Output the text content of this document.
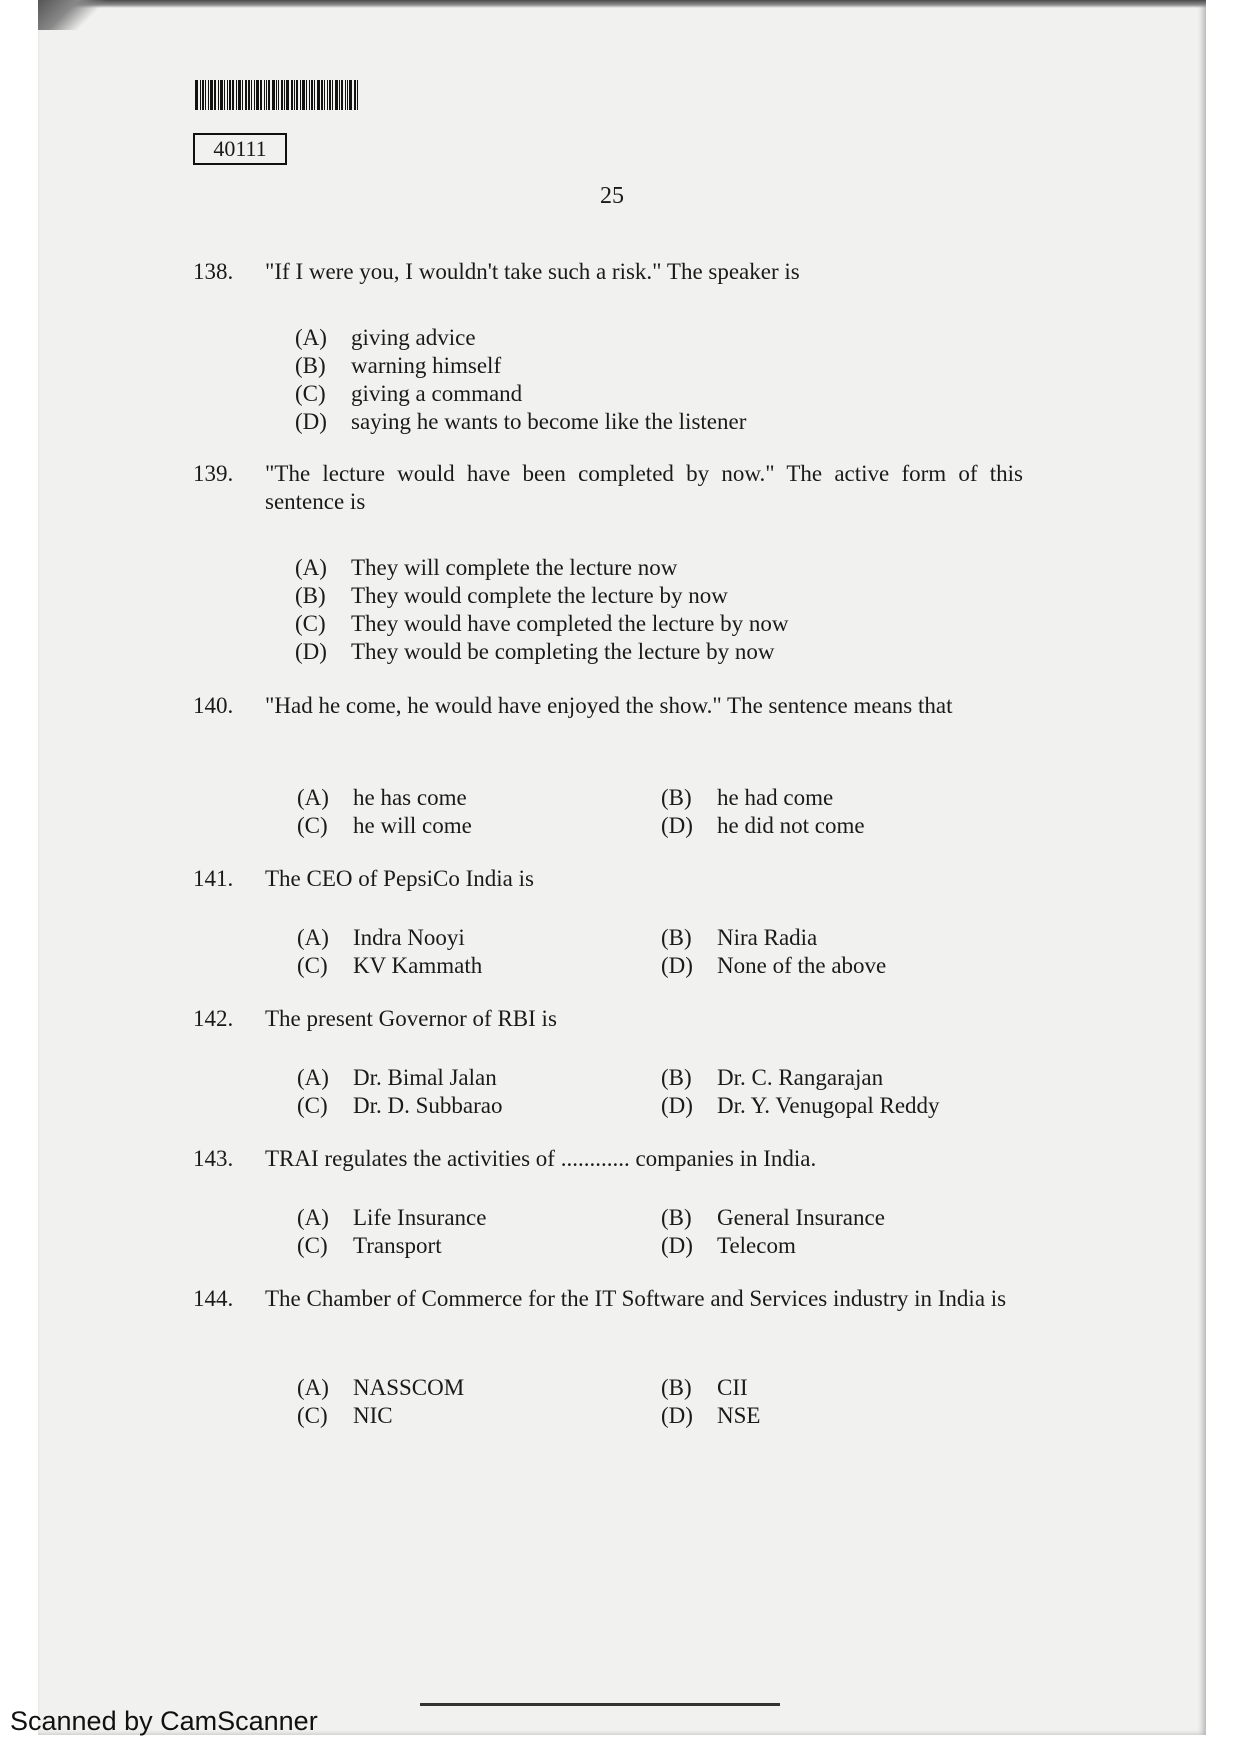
40111
25
138. "If I were you, I wouldn't take such a risk." The speaker is
(A) giving advice
(B) warning himself
(C) giving a command
(D) saying he wants to become like the listener
139. "The lecture would have been completed by now." The active form of this sentence is
(A) They will complete the lecture now
(B) They would complete the lecture by now
(C) They would have completed the lecture by now
(D) They would be completing the lecture by now
140. "Had he come, he would have enjoyed the show." The sentence means that
(A) he has come	(B) he had come
(C) he will come	(D) he did not come
141. The CEO of PepsiCo India is
(A) Indra Nooyi	(B) Nira Radia
(C) KV Kammath	(D) None of the above
142. The present Governor of RBI is
(A) Dr. Bimal Jalan	(B) Dr. C. Rangarajan
(C) Dr. D. Subbarao	(D) Dr. Y. Venugopal Reddy
143. TRAI regulates the activities of ............ companies in India.
(A) Life Insurance	(B) General Insurance
(C) Transport	(D) Telecom
144. The Chamber of Commerce for the IT Software and Services industry in India is
(A) NASSCOM	(B) CII
(C) NIC	(D) NSE
Scanned by CamScanner
